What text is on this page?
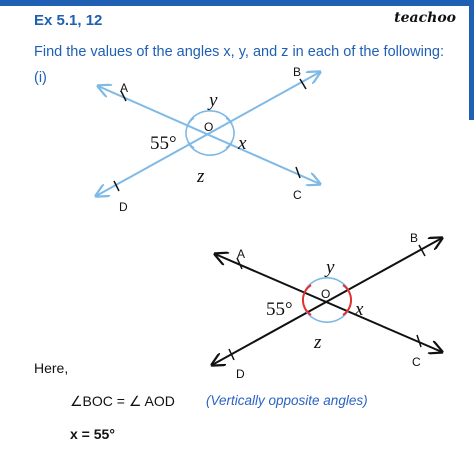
Ex 5.1, 12	teachoo
Find the values of the angles x, y, and z in each of the following:
(i)
A
B
C
D
O
y
x
z
55°
A
B
C
D
O
y
x
z
55°
Here,
∠BOC = ∠ AOD (Vertically opposite angles)
x = 55°
